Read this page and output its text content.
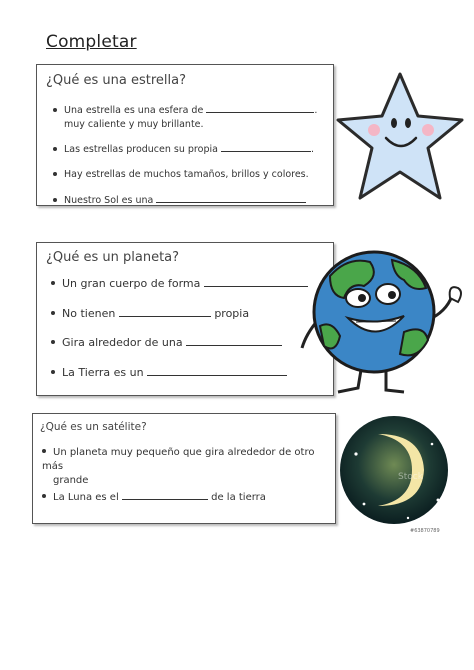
Completar
¿Qué es una estrella?
Una estrella es una esfera de	.
muy caliente y muy brillante.
Las estrellas producen su propia	.
Hay estrellas de muchos tamaños, brillos y colores.
Nuestro Sol es una
¿Qué es un planeta?
Un gran cuerpo de forma
No tienen	propia
Gira alrededor de una
La Tierra es un
¿Qué es un satélite?
Un planeta muy pequeño que gira alrededor de otro más
grande
La Luna es el	de la tierra
Stock
#63870789
